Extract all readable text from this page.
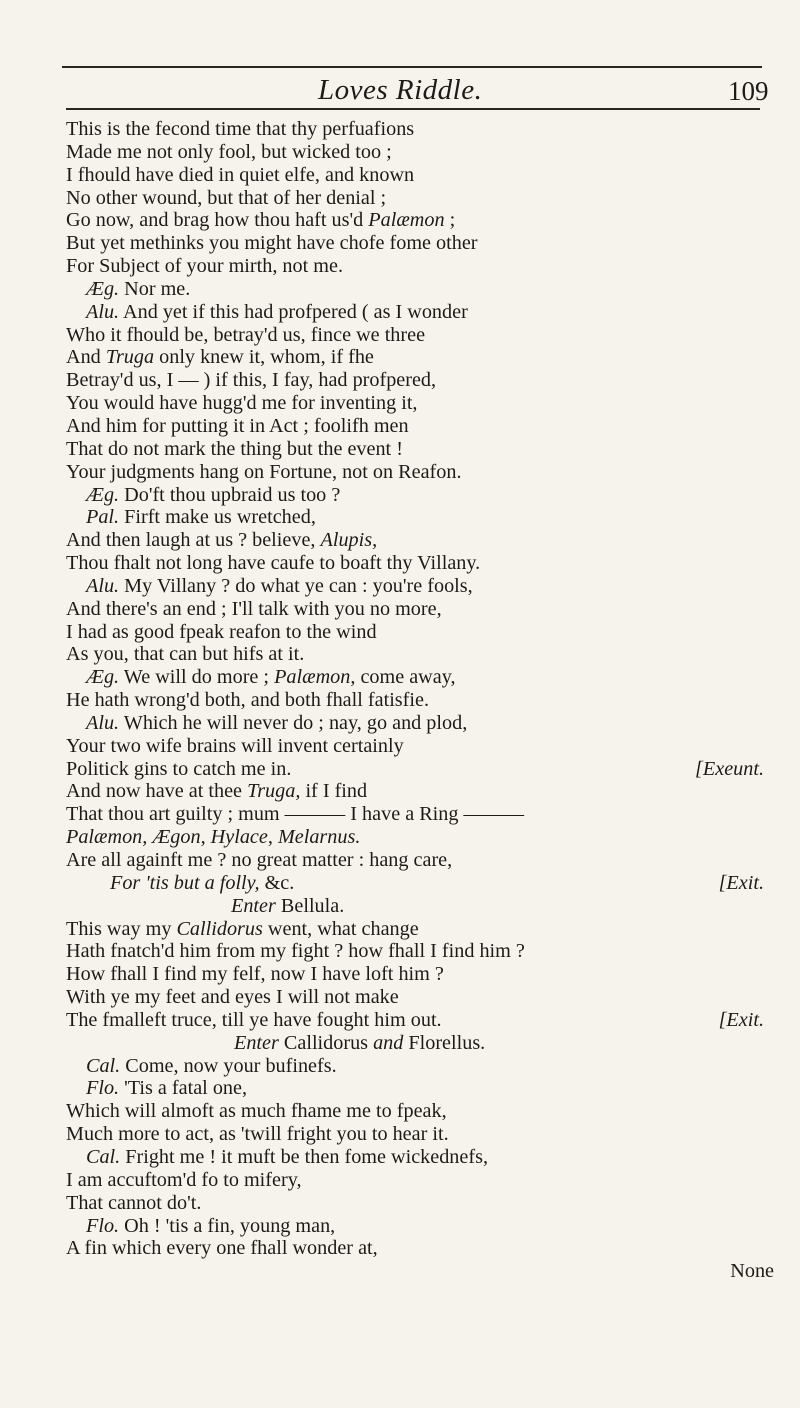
Loves Riddle.	109
This is the fecond time that thy perfuafions
Made me not only fool, but wicked too ;
I fhould have died in quiet elfe, and known
No other wound, but that of her denial ;
Go now, and brag how thou haft us'd Palæmon ;
But yet methinks you might have chofe fome other
For Subject of your mirth, not me.
Æg. Nor me.
Alu. And yet if this had profpered ( as I wonder
Who it fhould be, betray'd us, fince we three
And Truga only knew it, whom, if fhe
Betray'd us, I — ) if this, I fay, had profpered,
You would have hugg'd me for inventing it,
And him for putting it in Act ; foolifh men
That do not mark the thing but the event !
Your judgments hang on Fortune, not on Reafon.
Æg. Do'ft thou upbraid us too ?
Pal. Firft make us wretched,
And then laugh at us ? believe, Alupis,
Thou fhalt not long have caufe to boaft thy Villany.
Alu. My Villany ? do what ye can : you're fools,
And there's an end ; I'll talk with you no more,
I had as good fpeak reafon to the wind
As you, that can but hifs at it.
Æg. We will do more ; Palæmon, come away,
He hath wrong'd both, and both fhall fatisfie.
Alu. Which he will never do ; nay, go and plod,
Your two wife brains will invent certainly
Politick gins to catch me in.	[Exeunt.
And now have at thee Truga, if I find
That thou art guilty ; mum ——— I have a Ring ———
Palæmon, Ægon, Hylace, Melarnus.
Are all againft me ? no great matter : hang care,
For 'tis but a folly, &c.	[Exit.
Enter Bellula.
This way my Callidorus went, what change
Hath fnatch'd him from my fight ? how fhall I find him ?
How fhall I find my felf, now I have loft him ?
With ye my feet and eyes I will not make
The fmalleft truce, till ye have fought him out.	[Exit.
Enter Callidorus and Florellus.
Cal. Come, now your bufinefs.
Flo. 'Tis a fatal one,
Which will almoft as much fhame me to fpeak,
Much more to act, as 'twill fright you to hear it.
Cal. Fright me ! it muft be then fome wickednefs,
I am accuftom'd fo to mifery,
That cannot do't.
Flo. Oh ! 'tis a fin, young man,
A fin which every one fhall wonder at,
None
